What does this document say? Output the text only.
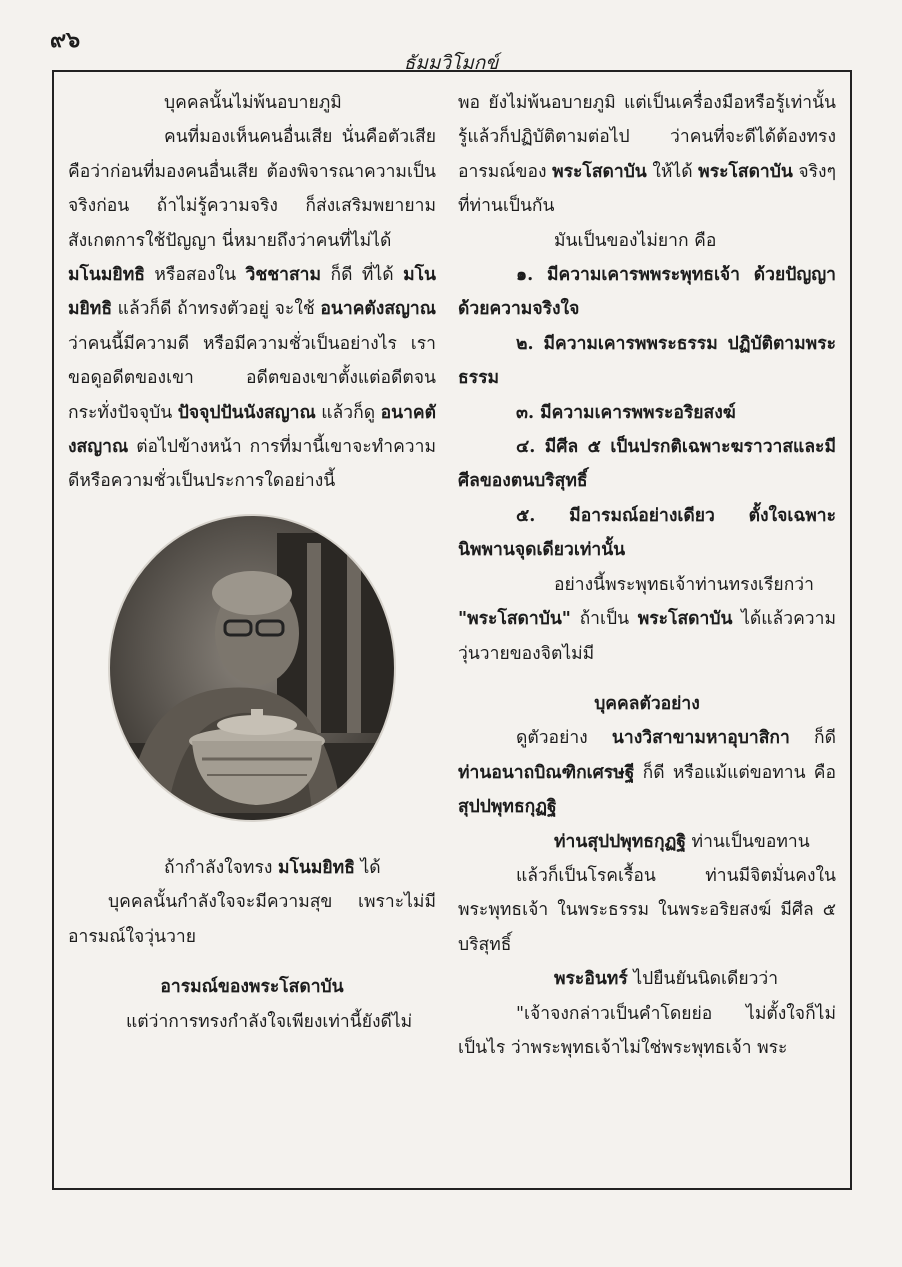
๙๖
ธัมมวิโมกข์

บุคคลนั้นไม่พ้นอบายภูมิ

คนที่มองเห็นคนอื่นเสีย นั่นคือตัวเสีย คือว่าก่อนที่มองคนอื่นเสีย ต้องพิจารณาความเป็นจริงก่อน ถ้าไม่รู้ความจริง ก็ส่งเสริมพยายามสังเกตการใช้ปัญญา นี่หมายถึงว่าคนที่ไม่ได้

มโนมยิทธิ หรือสองใน วิชชาสาม ก็ดี ที่ได้ มโนมยิทธิ แล้วก็ดี ถ้าทรงตัวอยู่ จะใช้ อนาคตังสญาณ ว่าคนนี้มีความดี หรือมีความชั่วเป็นอย่างไร เราขอดูอดีตของเขา อดีตของเขาตั้งแต่อดีตจนกระทั่งปัจจุบัน ปัจจุปปันนังสญาณ แล้วก็ดู อนาคตังสญาณ ต่อไปข้างหน้า การที่มานี้เขาจะทำความดีหรือความชั่วเป็นประการใดอย่างนี้

ถ้ากำลังใจทรง มโนมยิทธิ ได้

บุคคลนั้นกำลังใจจะมีความสุข เพราะไม่มีอารมณ์ใจวุ่นวาย

อารมณ์ของพระโสดาบัน

แต่ว่าการทรงกำลังใจเพียงเท่านี้ยังดีไม่

พอ ยังไม่พ้นอบายภูมิ แต่เป็นเครื่องมือหรือรู้เท่านั้น รู้แล้วก็ปฏิบัติตามต่อไป ว่าคนที่จะดีได้ต้องทรงอารมณ์ของ พระโสดาบัน ให้ได้ พระโสดาบัน จริงๆ ที่ท่านเป็นกัน

มันเป็นของไม่ยาก คือ

๑. มีความเคารพพระพุทธเจ้า ด้วยปัญญาด้วยความจริงใจ

๒. มีความเคารพพระธรรม ปฏิบัติตามพระธรรม

๓. มีความเคารพพระอริยสงฆ์

๔. มีศีล ๕ เป็นปรกติเฉพาะฆราวาสและมีศีลของตนบริสุทธิ์

๕. มีอารมณ์อย่างเดียว ตั้งใจเฉพาะนิพพานจุดเดียวเท่านั้น

อย่างนี้พระพุทธเจ้าท่านทรงเรียกว่า "พระโสดาบัน" ถ้าเป็น พระโสดาบัน ได้แล้วความวุ่นวายของจิตไม่มี

บุคคลตัวอย่าง

ดูตัวอย่าง นางวิสาขามหาอุบาสิกา ก็ดี ท่านอนาถบิณฑิกเศรษฐี ก็ดี หรือแม้แต่ขอทาน คือ สุปปพุทธกุฏฐิ

ท่านสุปปพุทธกุฏฐิ ท่านเป็นขอทาน

แล้วก็เป็นโรคเรื้อน ท่านมีจิตมั่นคงในพระพุทธเจ้า ในพระธรรม ในพระอริยสงฆ์ มีศีล ๕ บริสุทธิ์

พระอินทร์ ไปยืนยันนิดเดียวว่า

"เจ้าจงกล่าวเป็นคำโดยย่อ ไม่ตั้งใจก็ไม่เป็นไร ว่าพระพุทธเจ้าไม่ใช่พระพุทธเจ้า พระ
